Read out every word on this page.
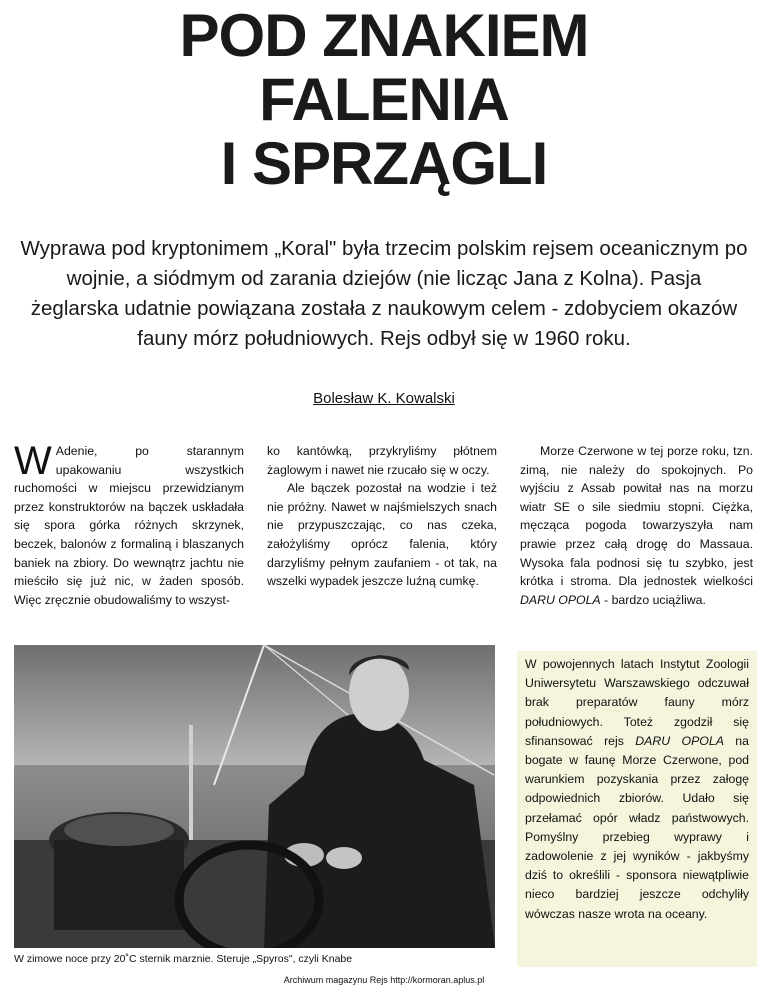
POD ZNAKIEM
FALENIA
I SPRZĄGLI
Wyprawa pod kryptonimem „Koral" była trzecim polskim rejsem oceanicznym po wojnie, a siódmym od zarania dziejów (nie licząc Jana z Kolna). Pasja żeglarska udatnie powiązana została z naukowym celem - zdobyciem okazów fauny mórz południowych. Rejs odbył się w 1960 roku.
Bolesław K. Kowalski

W Adenie, po starannym upakowaniu wszystkich ruchomości w miejscu przewidzianym przez konstruktorów na bączek uskładała się spora górka różnych skrzynek, beczek, balonów z formaliną i blaszanych baniek na zbiory. Do wewnątrz jachtu nie mieściło się już nic, w żaden sposób. Więc zręcznie obudowaliśmy to wszyst-

ko kantówką, przykryliśmy płótnem żaglowym i nawet nie rzucało się w oczy.

Ale bączek pozostał na wodzie i też nie próżny. Nawet w najśmielszych snach nie przypuszczając, co nas czeka, założyliśmy oprócz falenia, który darzyliśmy pełnym zaufaniem - ot tak, na wszelki wypadek jeszcze luźną cumkę.

Morze Czerwone w tej porze roku, tzn. zimą, nie należy do spokojnych. Po wyjściu z Assab powitał nas na morzu wiatr SE o sile siedmiu stopni. Ciężka, męcząca pogoda towarzyszyła nam prawie przez całą drogę do Massaua. Wysoka fala podnosi się tu szybko, jest krótka i stroma. Dla jednostek wielkości DARU OPOLA - bardzo uciążliwa.

W zimowe noce przy 20˚C sternik marznie. Steruje „Spyros", czyli Knabe
W powojennych latach Instytut Zoologii Uniwersytetu Warszawskiego odczuwał brak preparatów fauny mórz południowych. Toteż zgodził się sfinansować rejs DARU OPOLA na bogate w faunę Morze Czerwone, pod warunkiem pozyskania przez załogę odpowiednich zbiorów. Udało się przełamać opór władz państwowych. Pomyślny przebieg wyprawy i zadowolenie z jej wyników - jakbyśmy dziś to określili - sponsora niewątpliwie nieco bardziej jeszcze odchyliły wówczas nasze wrota na oceany.
Archiwum magazynu Rejs http://kormoran.aplus.pl
